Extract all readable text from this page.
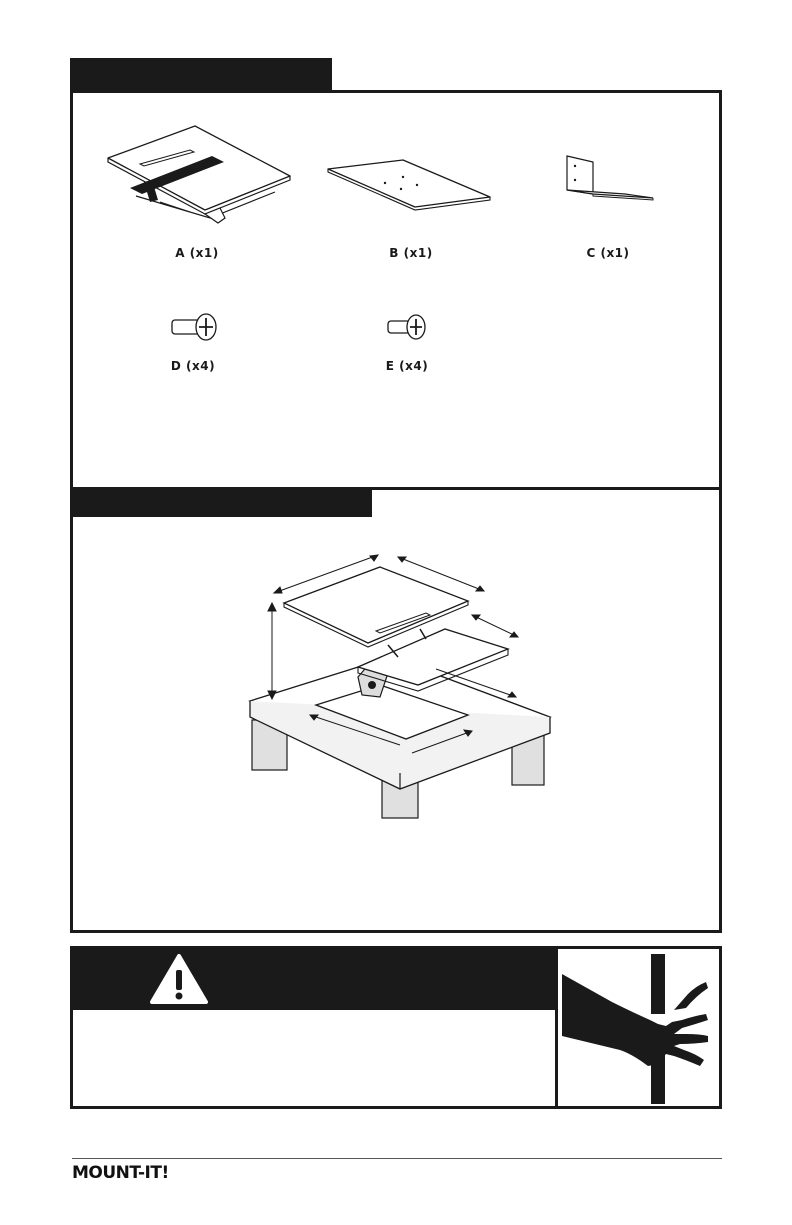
A (x1)	B (x1)	C (x1)
D (x4)	E (x4)
MOUNT-IT!
